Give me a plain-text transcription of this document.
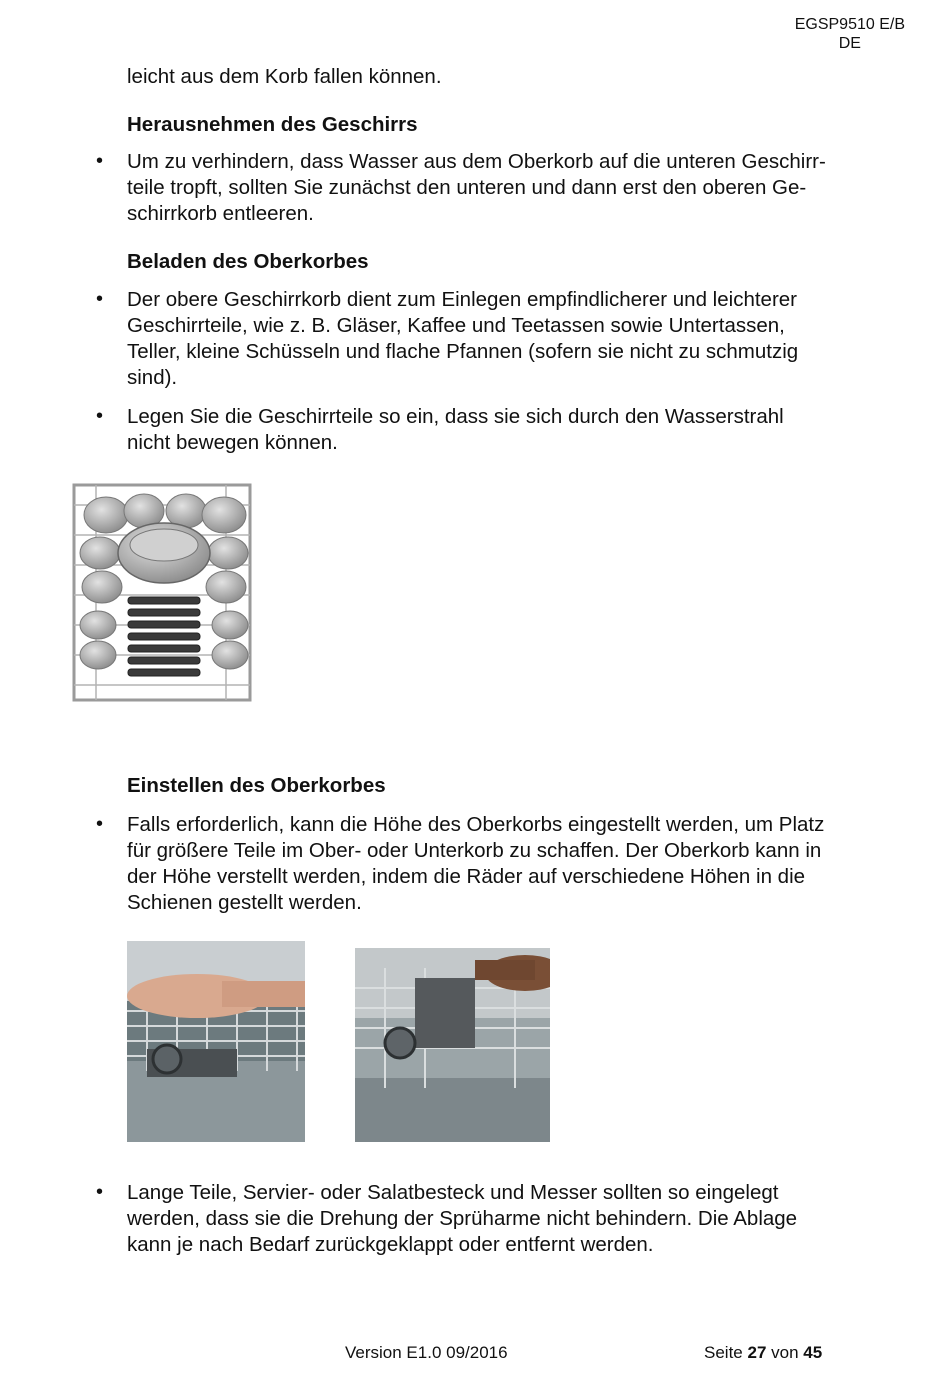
EGSP9510 E/B
DE
leicht aus dem Korb fallen können.
Herausnehmen des Geschirrs
• Um zu verhindern, dass Wasser aus dem Oberkorb auf die unteren Geschirr-
teile tropft, sollten Sie zunächst den unteren und dann erst den oberen Ge-
schirrkorb entleeren.
Beladen des Oberkorbes
• Der obere Geschirrkorb dient zum Einlegen empfindlicherer und leichterer
Geschirrteile, wie z. B. Gläser, Kaffee und Teetassen sowie Untertassen,
Teller, kleine Schüsseln und flache Pfannen (sofern sie nicht zu schmutzig
sind).
• Legen Sie die Geschirrteile so ein, dass sie sich durch den Wasserstrahl
nicht bewegen können.
Einstellen des Oberkorbes
• Falls erforderlich, kann die Höhe des Oberkorbs eingestellt werden, um Platz
für größere Teile im Ober- oder Unterkorb zu schaffen. Der Oberkorb kann in
der Höhe verstellt werden, indem die Räder auf verschiedene Höhen in die
Schienen gestellt werden.
• Lange Teile, Servier- oder Salatbesteck und Messer sollten so eingelegt
werden, dass sie die Drehung der Sprüharme nicht behindern. Die Ablage
kann je nach Bedarf zurückgeklappt oder entfernt werden.
Version E1.0 09/2016	Seite 27 von 45
